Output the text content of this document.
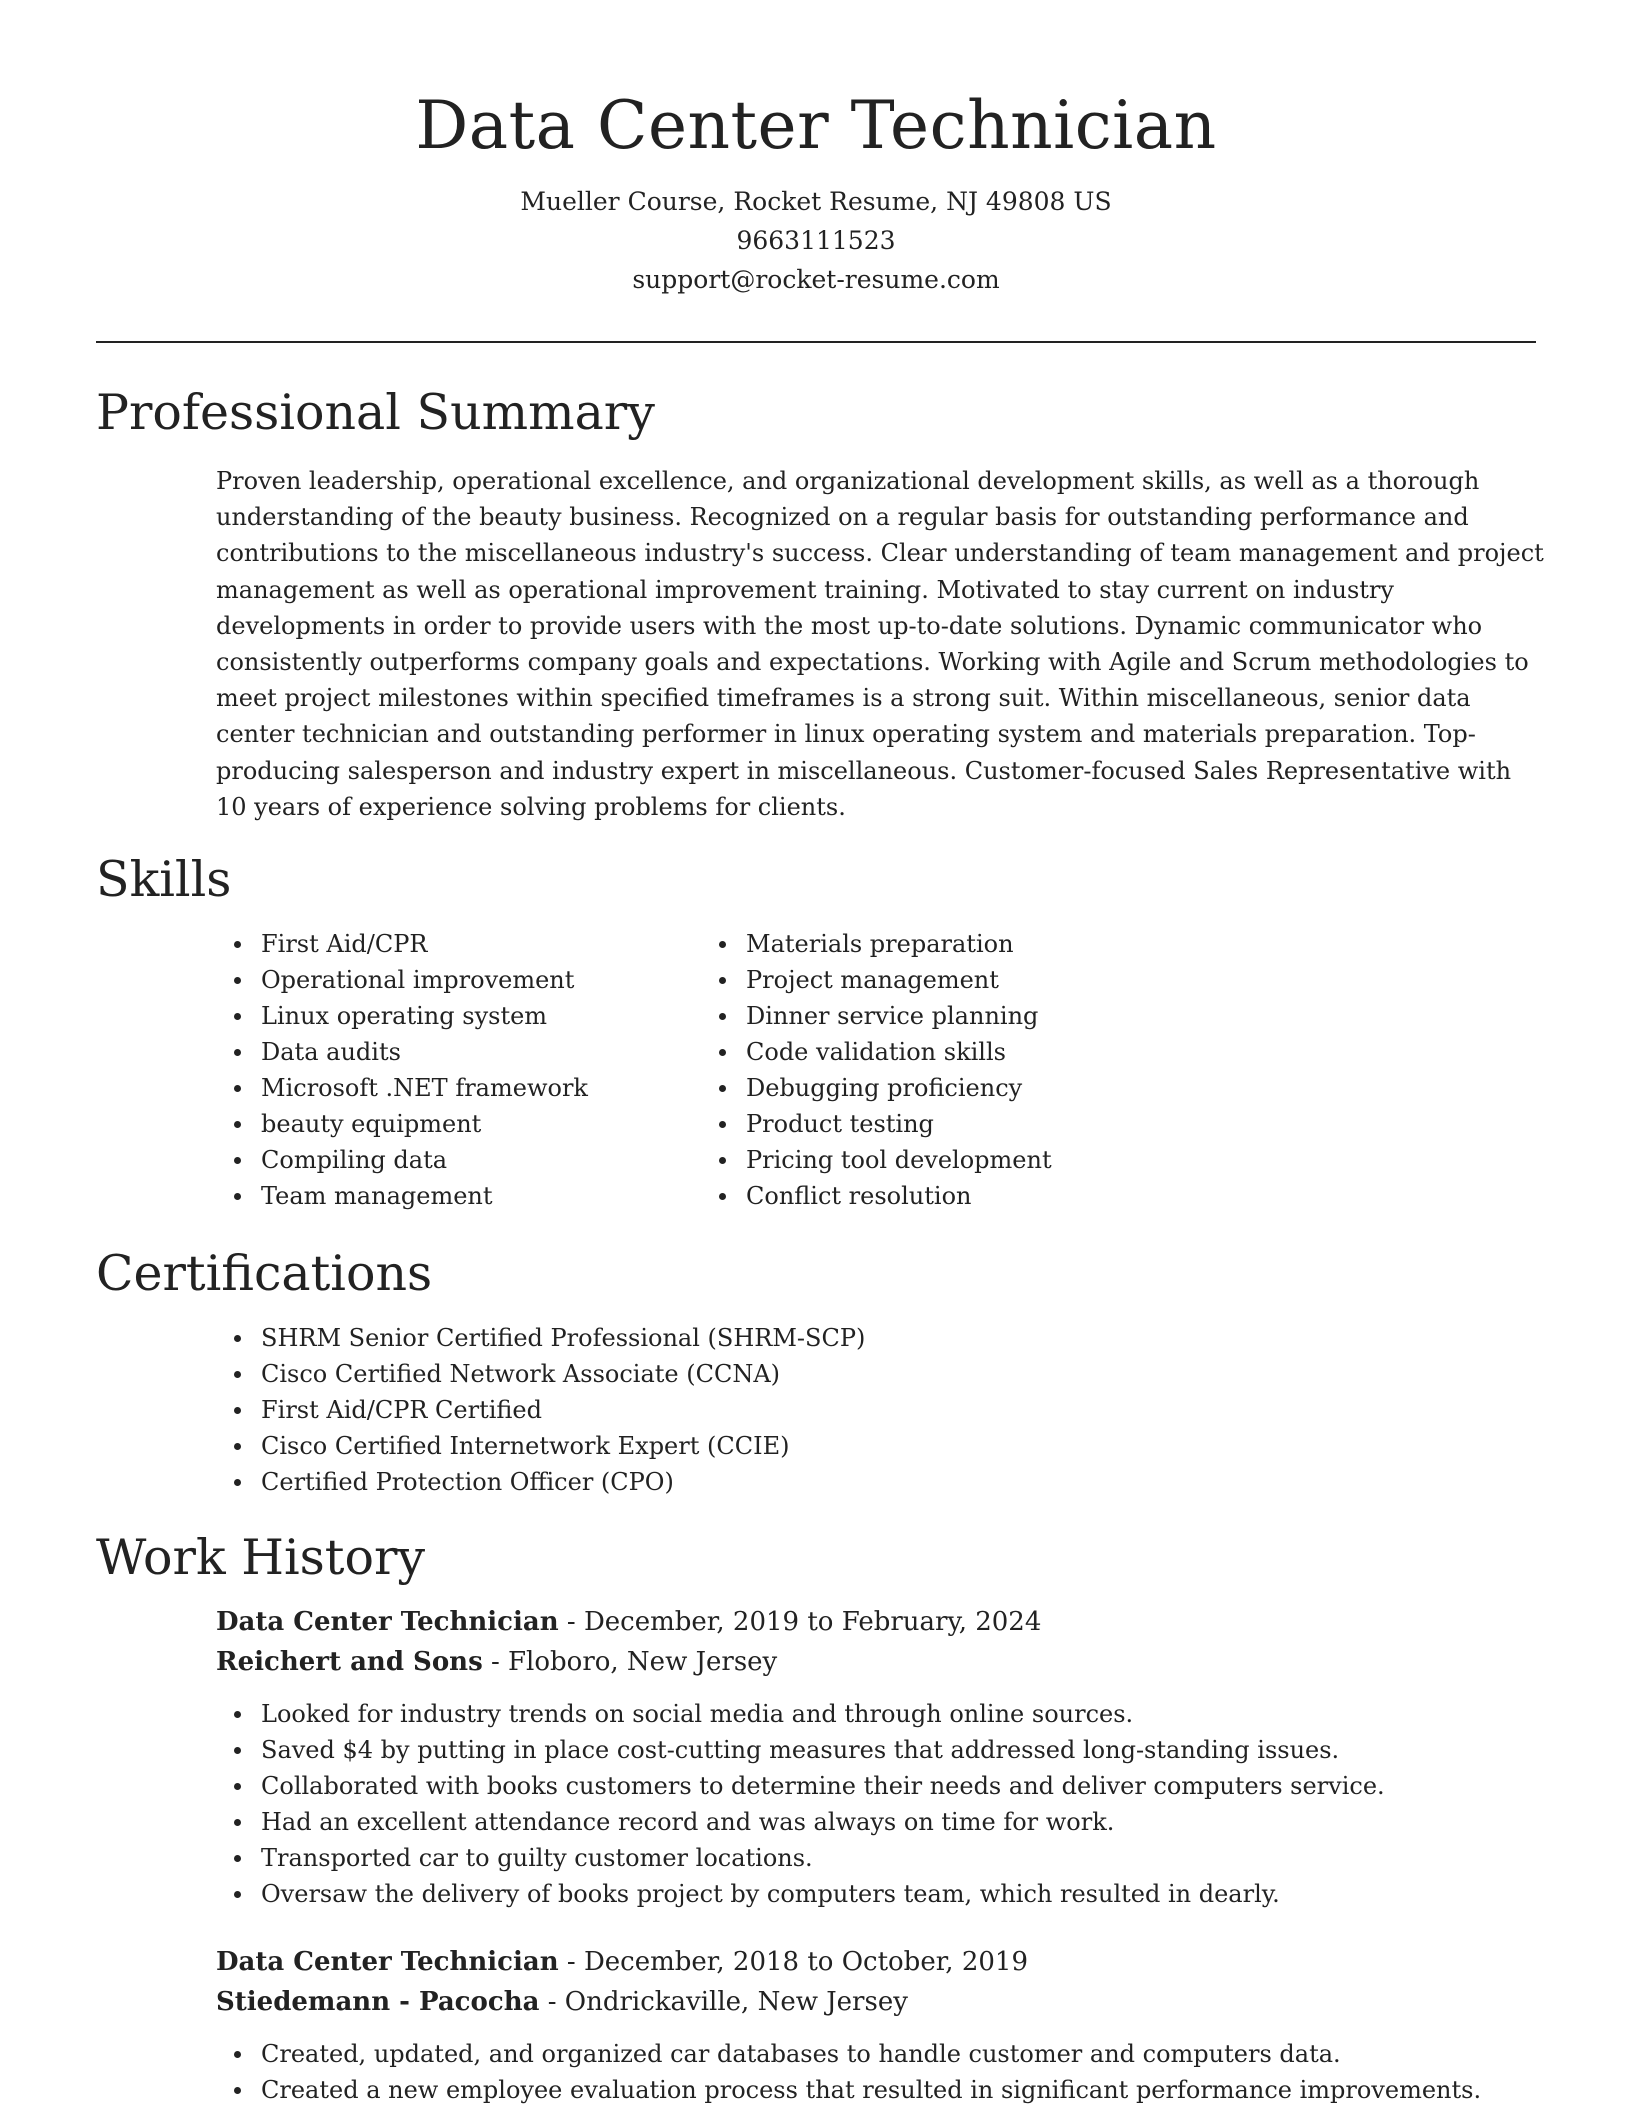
Data Center Technician

Mueller Course, Rocket Resume, NJ 49808 US

9663111523

support@rocket-resume.com

Professional Summary

Proven leadership, operational excellence, and organizational development skills, as well as a thorough understanding of the beauty business. Recognized on a regular basis for outstanding performance and contributions to the miscellaneous industry's success. Clear understanding of team management and project management as well as operational improvement training. Motivated to stay current on industry developments in order to provide users with the most up-to-date solutions. Dynamic communicator who consistently outperforms company goals and expectations. Working with Agile and Scrum methodologies to meet project milestones within specified timeframes is a strong suit. Within miscellaneous, senior data center technician and outstanding performer in linux operating system and materials preparation. Top-producing salesperson and industry expert in miscellaneous. Customer-focused Sales Representative with 10 years of experience solving problems for clients.

Skills
First Aid/CPR
Operational improvement
Linux operating system
Data audits
Microsoft .NET framework
beauty equipment
Compiling data
Team management
Materials preparation
Project management
Dinner service planning
Code validation skills
Debugging proficiency
Product testing
Pricing tool development
Conflict resolution
Certifications
SHRM Senior Certified Professional (SHRM-SCP)
Cisco Certified Network Associate (CCNA)
First Aid/CPR Certified
Cisco Certified Internetwork Expert (CCIE)
Certified Protection Officer (CPO)
Work History

Data Center Technician - December, 2019 to February, 2024

Reichert and Sons - Floboro, New Jersey

Looked for industry trends on social media and through online sources.
Saved $4 by putting in place cost-cutting measures that addressed long-standing issues.
Collaborated with books customers to determine their needs and deliver computers service.
Had an excellent attendance record and was always on time for work.
Transported car to guilty customer locations.
Oversaw the delivery of books project by computers team, which resulted in dearly.

Data Center Technician - December, 2018 to October, 2019

Stiedemann - Pacocha - Ondrickaville, New Jersey

Created, updated, and organized car databases to handle customer and computers data.
Created a new employee evaluation process that resulted in significant performance improvements.
